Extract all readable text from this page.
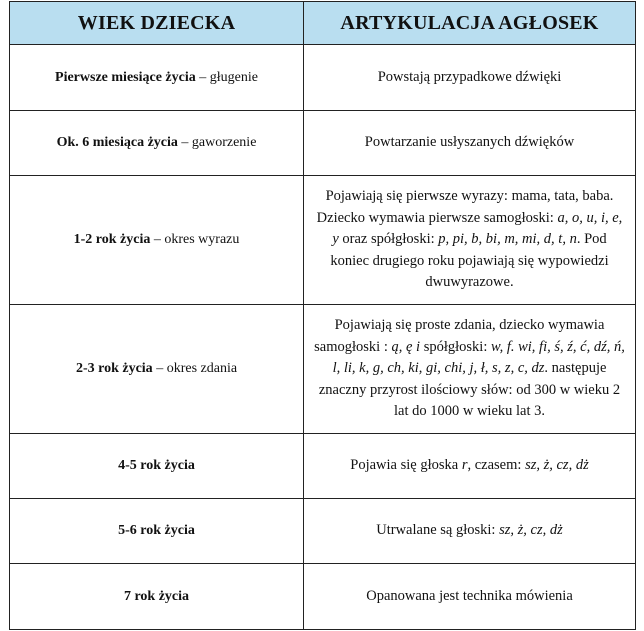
WIEK DZIECKA	ARTYKULACJA AGŁOSEK
Pierwsze miesiące życia – gługenie	Powstają przypadkowe dźwięki
Ok. 6 miesiąca życia – gaworzenie	Powtarzanie usłyszanych dźwięków
1-2 rok życia – okres wyrazu	Pojawiają się pierwsze wyrazy: mama, tata, baba. Dziecko wymawia pierwsze samogłoski: a, o, u, i, e, y oraz spółgłoski: p, pi, b, bi, m, mi, d, t, n. Pod koniec drugiego roku pojawiają się wypowiedzi dwuwyrazowe.
2-3 rok życia – okres zdania	Pojawiają się proste zdania, dziecko wymawia samogłoski : ą, ę i spółgłoski: w, f. wi, fi, ś, ź, ć, dź, ń, l, li, k, g, ch, ki, gi, chi, j, ł, s, z, c, dz. następuje znaczny przyrost ilościowy słów: od 300 w wieku 2 lat do 1000 w wieku lat 3.
4-5 rok życia	Pojawia się głoska r, czasem: sz, ż, cz, dż
5-6 rok życia	Utrwalane są głoski: sz, ż, cz, dż
7 rok życia	Opanowana jest technika mówienia
